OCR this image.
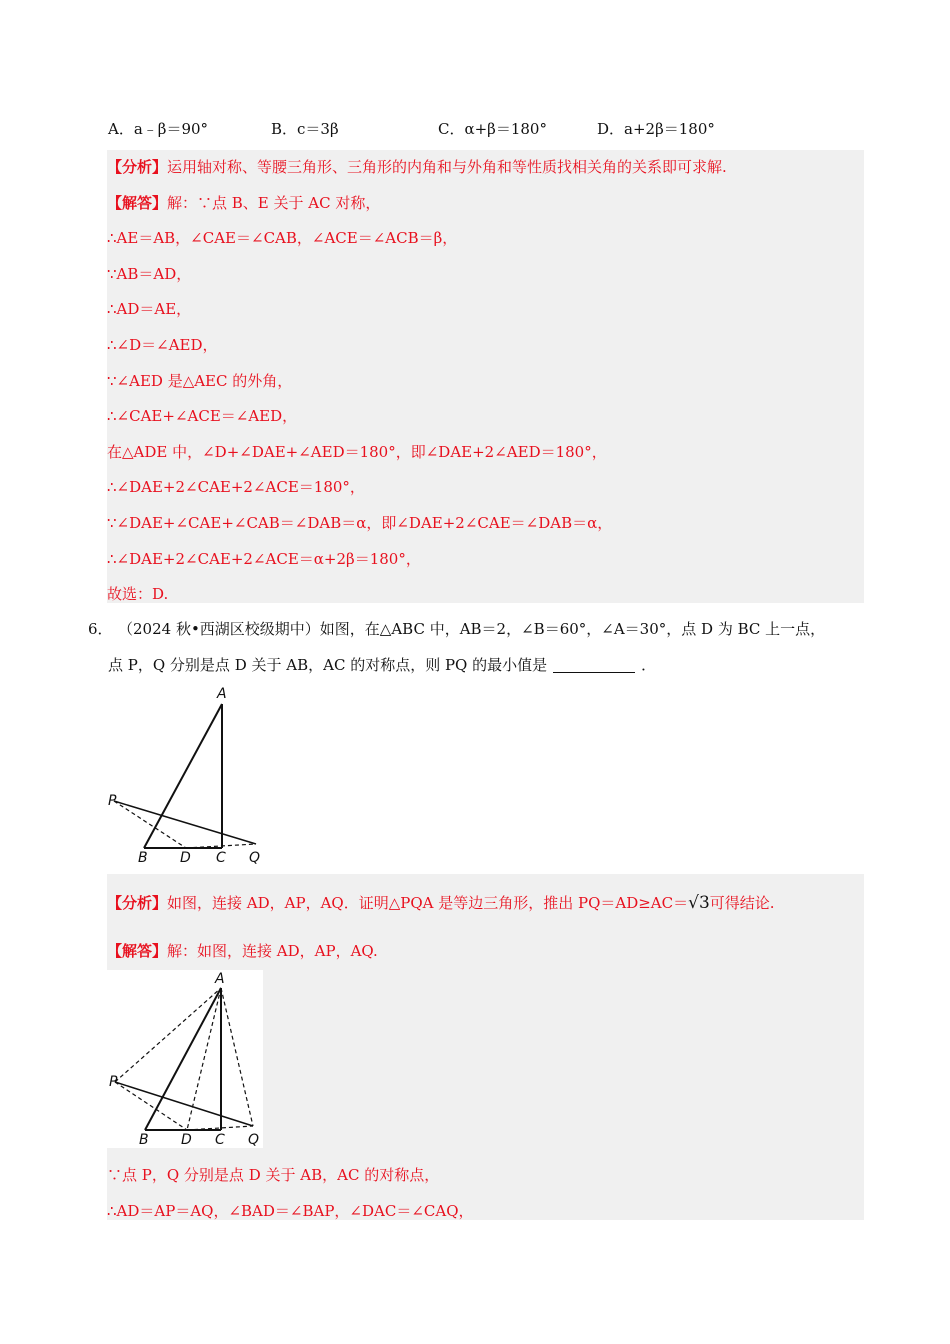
A．a﹣β＝90°	B．c＝3β	C．α+β＝180°	D．a+2β＝180°
【分析】运用轴对称、等腰三角形、三角形的内角和与外角和等性质找相关角的关系即可求解.
【解答】解：∵点 B、E 关于 AC 对称，
∴AE＝AB，∠CAE＝∠CAB，∠ACE＝∠ACB＝β，
∵AB＝AD，
∴AD＝AE，
∴∠D＝∠AED，
∵∠AED 是△AEC 的外角，
∴∠CAE+∠ACE＝∠AED，
在△ADE 中，∠D+∠DAE+∠AED＝180°，即∠DAE+2∠AED＝180°，
∴∠DAE+2∠CAE+2∠ACE＝180°，
∵∠DAE+∠CAE+∠CAB＝∠DAB＝α，即∠DAE+2∠CAE＝∠DAB＝α，
∴∠DAE+2∠CAE+2∠ACE＝α+2β＝180°，
故选：D.
6． （2024 秋•西湖区校级期中）如图，在△ABC 中，AB＝2，∠B＝60°，∠A＝30°，点 D 为 BC 上一点，
点 P，Q 分别是点 D 关于 AB，AC 的对称点，则 PQ 的最小值是	．
A
B D C Q
P
【分析】如图，连接 AD，AP，AQ．证明△PQA 是等边三角形，推出 PQ＝AD≥AC＝√3可得结论.
【解答】解：如图，连接 AD，AP，AQ.
A
B D C Q
P
∵点 P，Q 分别是点 D 关于 AB，AC 的对称点，
∴AD＝AP＝AQ，∠BAD＝∠BAP，∠DAC＝∠CAQ，
